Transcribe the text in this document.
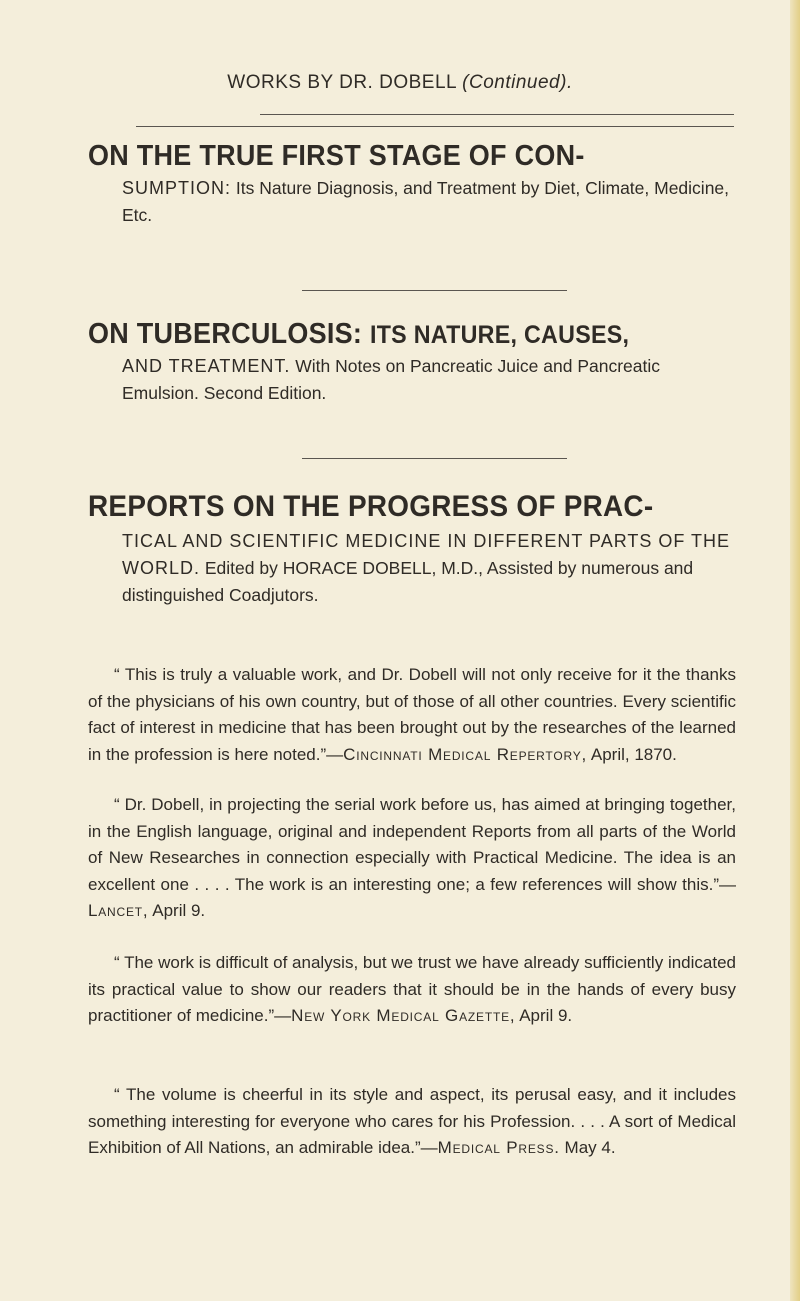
WORKS BY DR. DOBELL (Continued).
ON THE TRUE FIRST STAGE OF CON-
SUMPTION: Its Nature Diagnosis, and Treatment by Diet, Climate, Medicine, Etc.
ON TUBERCULOSIS: ITS NATURE, CAUSES,
AND TREATMENT. With Notes on Pancreatic Juice and Pancreatic Emulsion. Second Edition.
REPORTS ON THE PROGRESS OF PRAC-
TICAL AND SCIENTIFIC MEDICINE IN DIFFERENT PARTS OF THE WORLD. Edited by HORACE DOBELL, M.D., Assisted by numerous and distinguished Coadjutors.
“ This is truly a valuable work, and Dr. Dobell will not only receive for it the thanks of the physicians of his own country, but of those of all other countries. Every scientific fact of interest in medicine that has been brought out by the researches of the learned in the profession is here noted.”—Cincinnati Medical Repertory, April, 1870.
“ Dr. Dobell, in projecting the serial work before us, has aimed at bringing together, in the English language, original and independent Reports from all parts of the World of New Researches in connection especially with Practical Medicine. The idea is an excellent one . . . . The work is an interesting one; a few references will show this.”—Lancet, April 9.
“ The work is difficult of analysis, but we trust we have already sufficiently indicated its practical value to show our readers that it should be in the hands of every busy practitioner of medicine.”—New York Medical Gazette, April 9.
“ The volume is cheerful in its style and aspect, its perusal easy, and it includes something interesting for everyone who cares for his Profession. . . . A sort of Medical Exhibition of All Nations, an admirable idea.”—Medical Press. May 4.
